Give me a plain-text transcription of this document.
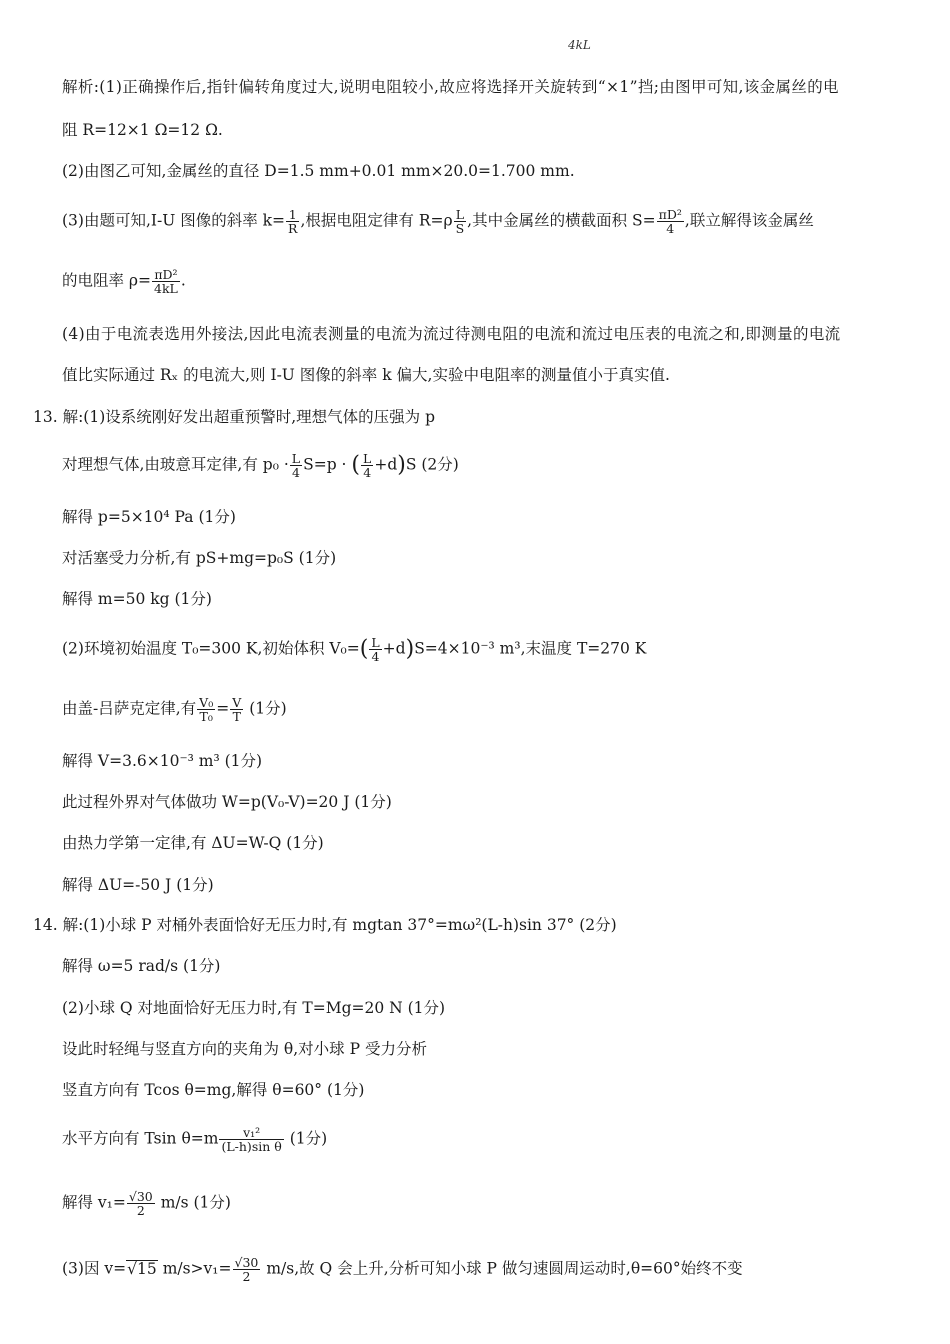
4kL
解析:(1)正确操作后,指针偏转角度过大,说明电阻较小,故应将选择开关旋转到“×1”挡;由图甲可知,该金属丝的电
阻 R=12×1 Ω=12 Ω.
(2)由图乙可知,金属丝的直径 D=1.5 mm+0.01 mm×20.0=1.700 mm.
(3)由题可知,I-U 图像的斜率 $k= \frac{1}{R}$ ,根据电阻定律有 $R=\rho \frac{L}{S}$ ,其中金属丝的横截面积 $S= \frac{\text{πD²}}{4}$ ,联立解得该金属丝
的电阻率 $\rho= \frac{\text{πD²}}{4kL}$ .
(4)由于电流表选用外接法,因此电流表测量的电流为流过待测电阻的电流和流过电压表的电流之和,即测量的电流
值比实际通过 Rₓ 的电流大,则 I-U 图像的斜率 k 偏大,实验中电阻率的测量值小于真实值.
13. 解:(1)设系统刚好发出超重预警时,理想气体的压强为 p
对理想气体,由玻意耳定律,有 $p_0 \cdot \frac{L}{4} S=p$ · ( $\frac{L}{4} +d)S$ (2分)
解得 p=5×10⁴ Pa (1分)
对活塞受力分析,有 pS+mg=p₀S (1分)
解得 m=50 kg (1分)
(2)环境初始温度 T₀=300 K,初始体积 $V_0=( \frac{L}{4} +d)S=4\times 10^{-3}$ m³,末温度 T=270 K
由盖-吕萨克定律,有 $\frac{\text{V₀}}{\text{T₀}} = \frac{V}{T} (1$分)
解得 V=3.6×10⁻³ m³ (1分)
此过程外界对气体做功 W=p(V₀-V)=20 J (1分)
由热力学第一定律,有 ΔU=W-Q (1分)
解得 ΔU=-50 J (1分)
14. 解:(1)小球 P 对桶外表面恰好无压力时,有 mgtan 37°=mω²(L-h)sin 37° (2分)
解得 ω=5 rad/s (1分)
(2)小球 Q 对地面恰好无压力时,有 T=Mg=20 N (1分)
设此时轻绳与竖直方向的夹角为 θ,对小球 P 受力分析
竖直方向有 Tcos θ=mg,解得 θ=60° (1分)
水平方向有 Tsin $\theta=m \frac{\text{v₁²}}{\text{(L-h)sin θ}} (1$分)
解得 $v_1= \frac{√30}{2} m/s$ (1分)
(3)因 v=√15 $m/s>v_1= \frac{√30}{2} m/s$,故 Q 会上升,分析可知小球 P 做匀速圆周运动时,θ=60°始终不变
